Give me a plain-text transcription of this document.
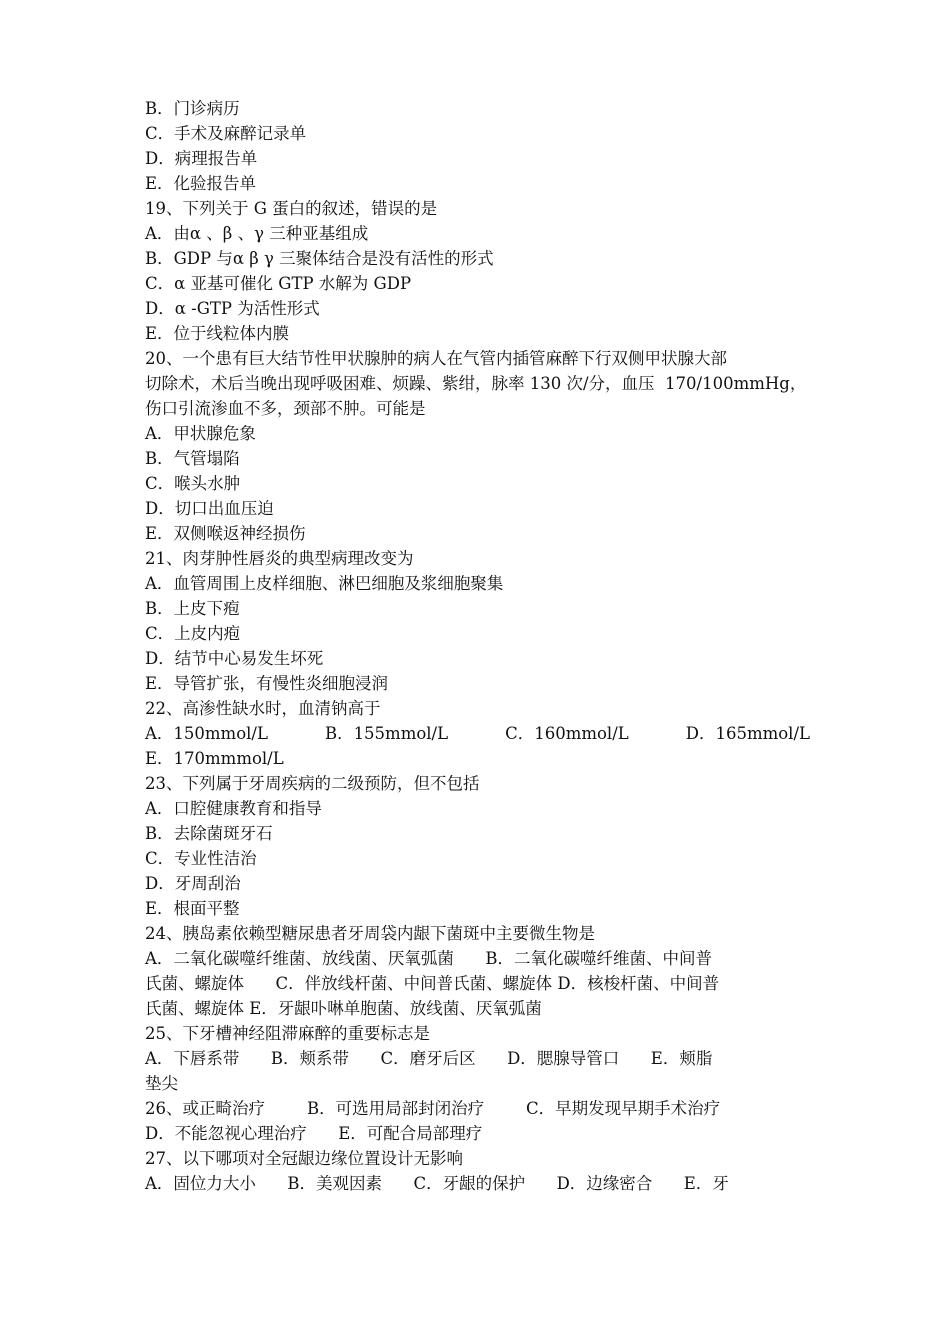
B．门诊病历
C．手术及麻醉记录单
D．病理报告单
E．化验报告单
19、下列关于 G 蛋白的叙述，错误的是
A．由α 、β 、γ 三种亚基组成
B．GDP 与α β γ 三聚体结合是没有活性的形式
C．α 亚基可催化 GTP 水解为 GDP
D．α -GTP 为活性形式
E．位于线粒体内膜
20、一个患有巨大结节性甲状腺肿的病人在气管内插管麻醉下行双侧甲状腺大部
切除术，术后当晚出现呼吸困难、烦躁、紫绀，脉率 130 次/分，血压  170/100mmHg，
伤口引流渗血不多，颈部不肿。可能是
A．甲状腺危象
B．气管塌陷
C．喉头水肿
D．切口出血压迫
E．双侧喉返神经损伤
21、肉芽肿性唇炎的典型病理改变为
A．血管周围上皮样细胞、淋巴细胞及浆细胞聚集
B．上皮下疱
C．上皮内疱
D．结节中心易发生坏死
E．导管扩张，有慢性炎细胞浸润
22、高渗性缺水时，血清钠高于
A．150mmol/L	B．155mmol/L	C．160mmol/L	D．165mmol/L
E．170mmmol/L
23、下列属于牙周疾病的二级预防，但不包括
A．口腔健康教育和指导
B．去除菌斑牙石
C．专业性洁治
D．牙周刮治
E．根面平整
24、胰岛素依赖型糖尿患者牙周袋内龈下菌斑中主要微生物是
A．二氧化碳噬纤维菌、放线菌、厌氧弧菌      B．二氧化碳噬纤维菌、中间普
氏菌、螺旋体      C．伴放线杆菌、中间普氏菌、螺旋体 D．核梭杆菌、中间普
氏菌、螺旋体 E．牙龈卟啉单胞菌、放线菌、厌氧弧菌
25、下牙槽神经阻滞麻醉的重要标志是
A．下唇系带      B．颊系带      C．磨牙后区      D．腮腺导管口      E．颊脂
垫尖
26、或正畸治疗        B．可选用局部封闭治疗        C．早期发现早期手术治疗
D．不能忽视心理治疗      E．可配合局部理疗
27、以下哪项对全冠龈边缘位置设计无影响
A．固位力大小      B．美观因素      C．牙龈的保护      D．边缘密合      E．牙
